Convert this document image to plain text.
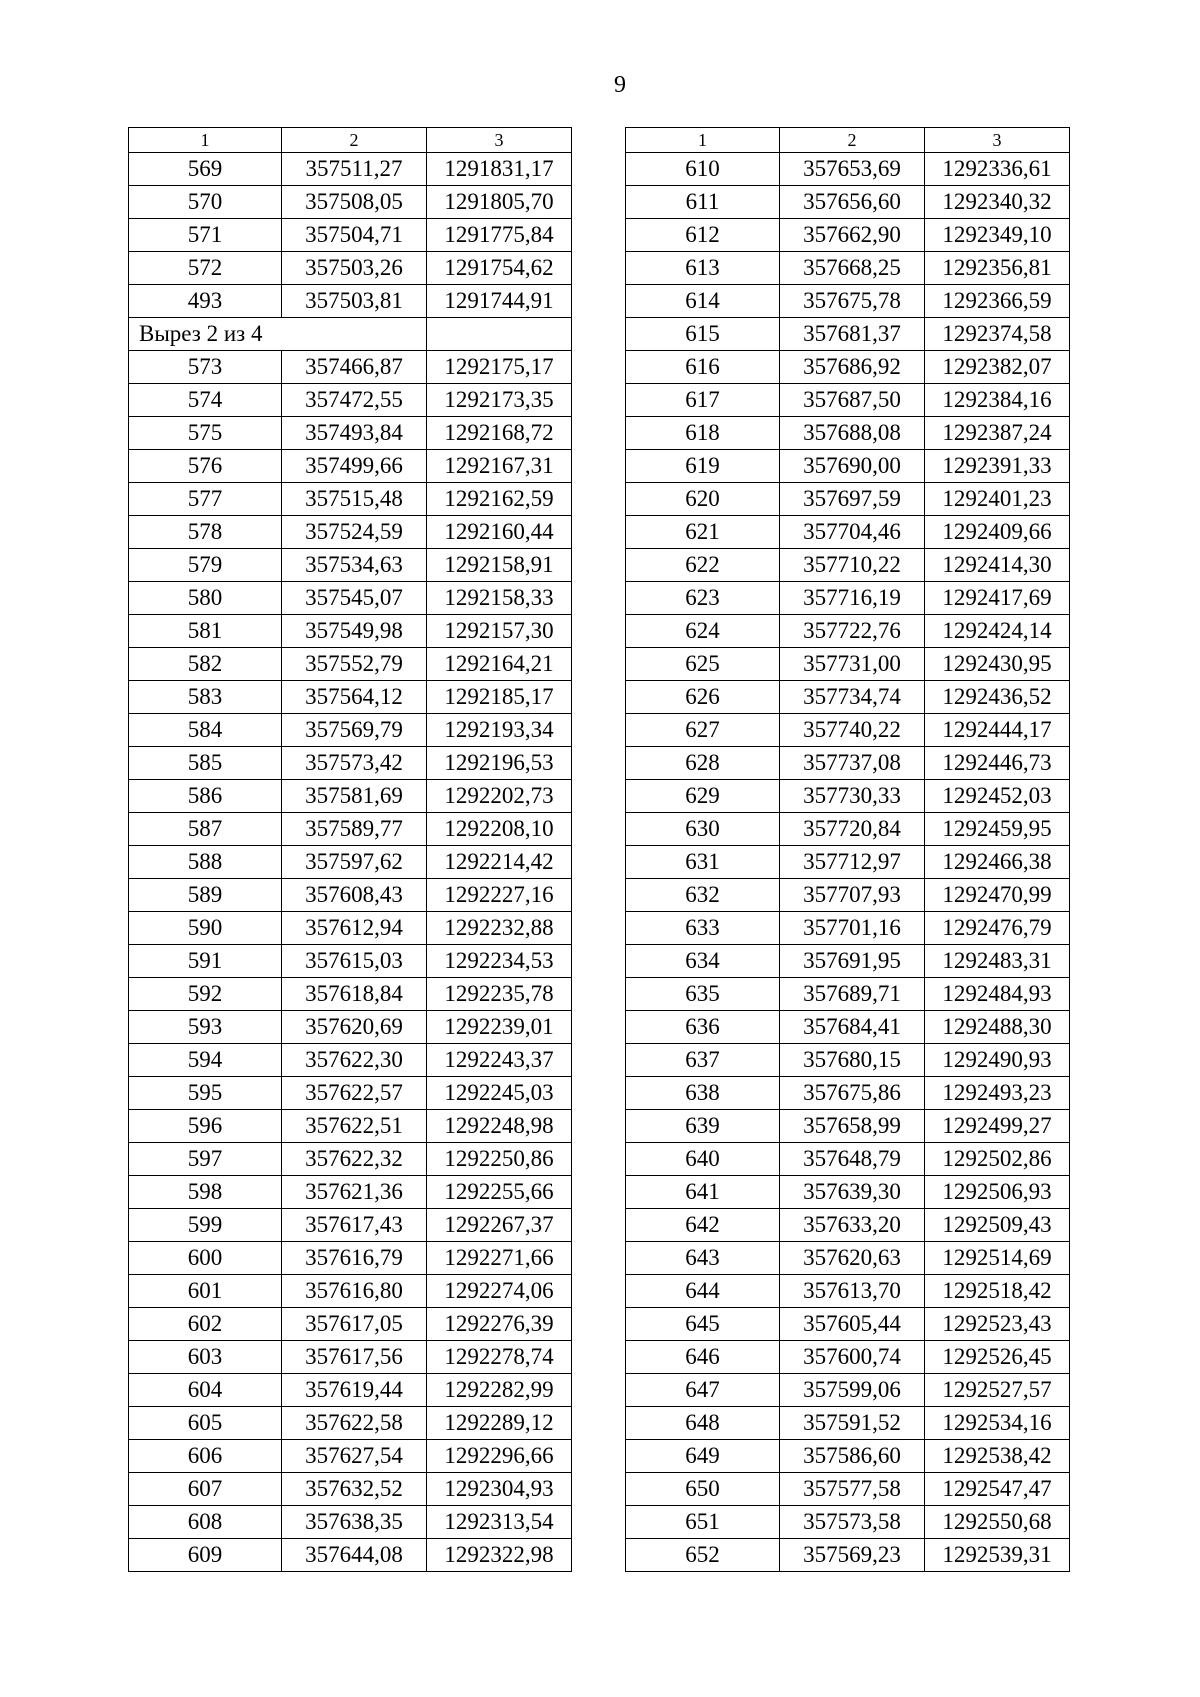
9
1	2	3
569	357511,27	1291831,17
570	357508,05	1291805,70
571	357504,71	1291775,84
572	357503,26	1291754,62
493	357503,81	1291744,91
Вырез 2 из 4		
573	357466,87	1292175,17
574	357472,55	1292173,35
575	357493,84	1292168,72
576	357499,66	1292167,31
577	357515,48	1292162,59
578	357524,59	1292160,44
579	357534,63	1292158,91
580	357545,07	1292158,33
581	357549,98	1292157,30
582	357552,79	1292164,21
583	357564,12	1292185,17
584	357569,79	1292193,34
585	357573,42	1292196,53
586	357581,69	1292202,73
587	357589,77	1292208,10
588	357597,62	1292214,42
589	357608,43	1292227,16
590	357612,94	1292232,88
591	357615,03	1292234,53
592	357618,84	1292235,78
593	357620,69	1292239,01
594	357622,30	1292243,37
595	357622,57	1292245,03
596	357622,51	1292248,98
597	357622,32	1292250,86
598	357621,36	1292255,66
599	357617,43	1292267,37
600	357616,79	1292271,66
601	357616,80	1292274,06
602	357617,05	1292276,39
603	357617,56	1292278,74
604	357619,44	1292282,99
605	357622,58	1292289,12
606	357627,54	1292296,66
607	357632,52	1292304,93
608	357638,35	1292313,54
609	357644,08	1292322,98
1	2	3
610	357653,69	1292336,61
611	357656,60	1292340,32
612	357662,90	1292349,10
613	357668,25	1292356,81
614	357675,78	1292366,59
615	357681,37	1292374,58
616	357686,92	1292382,07
617	357687,50	1292384,16
618	357688,08	1292387,24
619	357690,00	1292391,33
620	357697,59	1292401,23
621	357704,46	1292409,66
622	357710,22	1292414,30
623	357716,19	1292417,69
624	357722,76	1292424,14
625	357731,00	1292430,95
626	357734,74	1292436,52
627	357740,22	1292444,17
628	357737,08	1292446,73
629	357730,33	1292452,03
630	357720,84	1292459,95
631	357712,97	1292466,38
632	357707,93	1292470,99
633	357701,16	1292476,79
634	357691,95	1292483,31
635	357689,71	1292484,93
636	357684,41	1292488,30
637	357680,15	1292490,93
638	357675,86	1292493,23
639	357658,99	1292499,27
640	357648,79	1292502,86
641	357639,30	1292506,93
642	357633,20	1292509,43
643	357620,63	1292514,69
644	357613,70	1292518,42
645	357605,44	1292523,43
646	357600,74	1292526,45
647	357599,06	1292527,57
648	357591,52	1292534,16
649	357586,60	1292538,42
650	357577,58	1292547,47
651	357573,58	1292550,68
652	357569,23	1292539,31
